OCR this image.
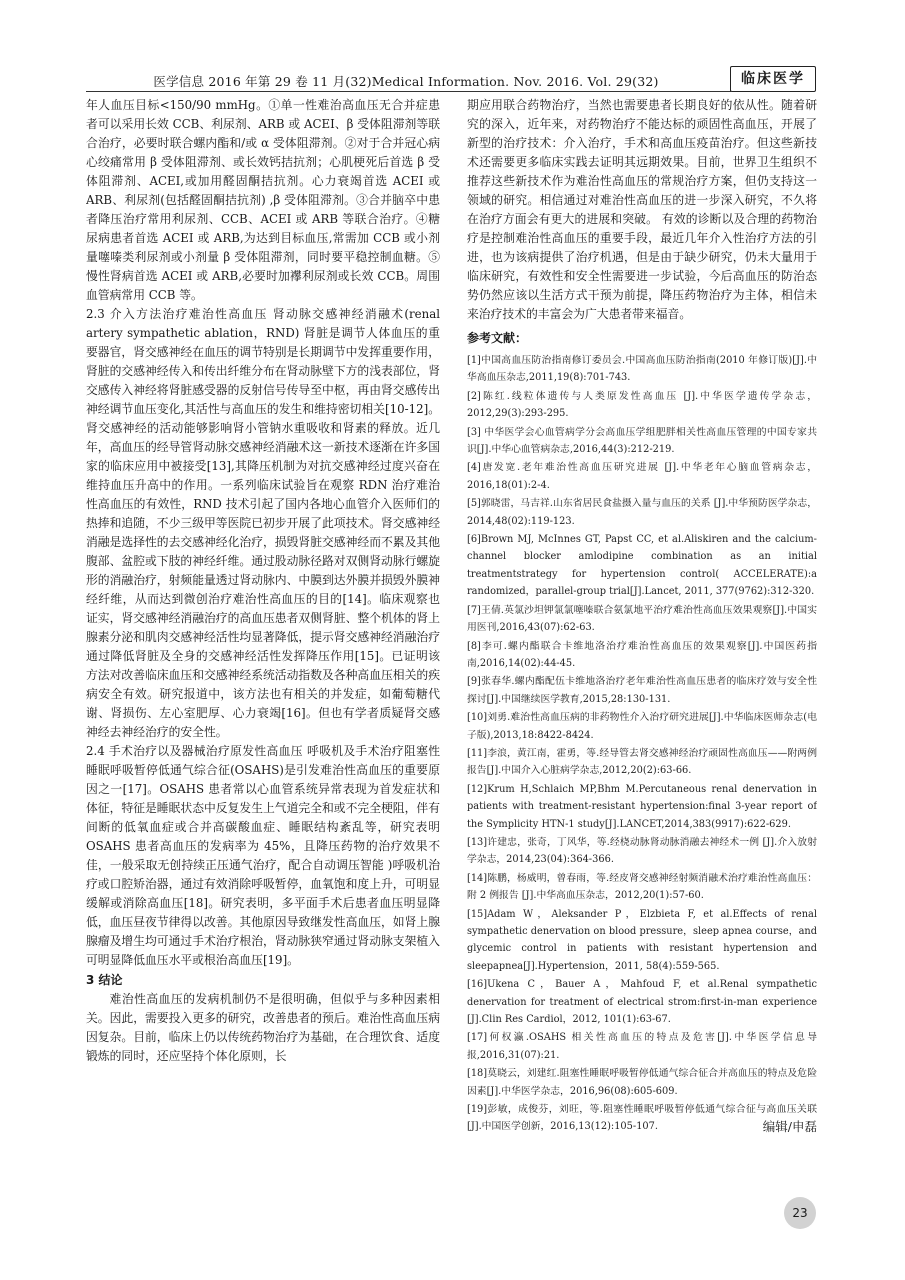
医学信息 2016 年第 29 卷 11 月(32)Medical Information. Nov. 2016. Vol. 29(32)	临床医学

年人血压目标<150/90 mmHg。①单一性难治高血压无合并症患者可以采用长效 CCB、利尿剂、ARB 或 ACEI、β 受体阻滞剂等联合治疗，必要时联合螺内酯和/或 α 受体阻滞剂。②对于合并冠心病心绞痛常用 β 受体阻滞剂、或长效钙拮抗剂；心肌梗死后首选 β 受体阻滞剂、ACEI,或加用醛固酮拮抗剂。心力衰竭首选 ACEI 或 ARB、利尿剂(包括醛固酮拮抗剂) ,β 受体阻滞剂。③合并脑卒中患者降压治疗常用利尿剂、CCB、ACEI 或 ARB 等联合治疗。④糖尿病患者首选 ACEI 或 ARB,为达到目标血压,常需加 CCB 或小剂量噻嗪类利尿剂或小剂量 β 受体阻滞剂，同时要平稳控制血糖。⑤慢性肾病首选 ACEI 或 ARB,必要时加襻利尿剂或长效 CCB。周围血管病常用 CCB 等。

2.3 介入方法治疗难治性高血压 肾动脉交感神经消融术(renal artery sympathetic ablation，RND) 肾脏是调节人体血压的重要器官，肾交感神经在血压的调节特别是长期调节中发挥重要作用，肾脏的交感神经传入和传出纤维分布在肾动脉壁下方的浅表部位，肾交感传入神经将肾脏感受器的反射信号传导至中枢，再由肾交感传出神经调节血压变化,其活性与高血压的发生和维持密切相关[10-12]。肾交感神经的活动能够影响肾小管钠水重吸收和肾素的释放。近几年，高血压的经导管肾动脉交感神经消融术这一新技术逐渐在许多国家的临床应用中被接受[13],其降压机制为对抗交感神经过度兴奋在维持血压升高中的作用。一系列临床试验旨在观察 RDN 治疗难治性高血压的有效性，RND 技术引起了国内各地心血管介入医师们的热捧和追随，不少三级甲等医院已初步开展了此项技术。肾交感神经消融是选择性的去交感神经化治疗，损毁肾脏交感神经而不累及其他腹部、盆腔或下肢的神经纤维。通过股动脉径路对双侧肾动脉行螺旋形的消融治疗，射频能量透过肾动脉内、中膜到达外膜并损毁外膜神经纤维，从而达到微创治疗难治性高血压的目的[14]。临床观察也证实，肾交感神经消融治疗的高血压患者双侧肾脏、整个机体的肾上腺素分泌和肌肉交感神经活性均显著降低，提示肾交感神经消融治疗通过降低肾脏及全身的交感神经活性发挥降压作用[15]。已证明该方法对改善临床血压和交感神经系统活动指数及各种高血压相关的疾病安全有效。研究报道中，该方法也有相关的并发症，如葡萄糖代谢、肾损伤、左心室肥厚、心力衰竭[16]。但也有学者质疑肾交感神经去神经治疗的安全性。

2.4 手术治疗以及器械治疗原发性高血压 呼吸机及手术治疗阻塞性睡眠呼吸暂停低通气综合征(OSAHS)是引发难治性高血压的重要原因之一[17]。OSAHS 患者常以心血管系统异常表现为首发症状和体征，特征是睡眠状态中反复发生上气道完全和或不完全梗阻，伴有间断的低氧血症或合并高碳酸血症、睡眠结构紊乱等，研究表明 OSAHS 患者高血压的发病率为 45%，且降压药物的治疗效果不佳，一般采取无创持续正压通气治疗，配合自动调压智能 )呼吸机治疗或口腔矫治器，通过有效消除呼吸暂停，血氧饱和度上升，可明显缓解或消除高血压[18]。研究表明，多平面手术后患者血压明显降低，血压昼夜节律得以改善。其他原因导致继发性高血压，如肾上腺腺瘤及增生均可通过手术治疗根治，肾动脉狭窄通过肾动脉支架植入可明显降低血压水平或根治高血压[19]。

3 结论

难治性高血压的发病机制仍不是很明确，但似乎与多种因素相关。因此，需要投入更多的研究，改善患者的预后。难治性高血压病因复杂。目前，临床上仍以传统药物治疗为基础，在合理饮食、适度锻炼的同时，还应坚持个体化原则，长

期应用联合药物治疗，当然也需要患者长期良好的依从性。随着研究的深入，近年来，对药物治疗不能达标的顽固性高血压，开展了新型的治疗技术：介入治疗，手术和高血压疫苗治疗。但这些新技术还需要更多临床实践去证明其远期效果。目前，世界卫生组织不推荐这些新技术作为难治性高血压的常规治疗方案，但仍支持这一领域的研究。相信通过对难治性高血压的进一步深入研究，不久将在治疗方面会有更大的进展和突破。 有效的诊断以及合理的药物治疗是控制难治性高血压的重要手段，最近几年介入性治疗方法的引进，也为该病提供了治疗机遇，但是由于缺少研究，仍未大量用于临床研究，有效性和安全性需要进一步试验，今后高血压的防治态势仍然应该以生活方式干预为前提，降压药物治疗为主体，相信未来治疗技术的丰富会为广大患者带来福音。

参考文献：

[1]中国高血压防治指南修订委员会.中国高血压防治指南(2010 年修订版)[J].中华高血压杂志,2011,19(8):701-743.

[2]陈红.线粒体遗传与人类原发性高血压 [J].中华医学遗传学杂志，2012,29(3):293-295.

[3] 中华医学会心血管病学分会高血压学组肥胖相关性高血压管理的中国专家共识[J].中华心血管病杂志,2016,44(3):212-219.

[4]唐发宽.老年难治性高血压研究进展 [J].中华老年心脑血管病杂志，2016,18(01):2-4.

[5]郭晓雷，马吉祥.山东省居民食盐摄入量与血压的关系 [J].中华预防医学杂志，2014,48(02):119-123.

[6]Brown MJ, McInnes GT, Papst CC, et al.Aliskiren and the calcium-channel blocker amlodipine combination as an initial treatmentstrategy for hypertension control( ACCELERATE):a randomized，parallel-group trial[J].Lancet, 2011, 377(9762):312-320.

[7]王倩.英氯沙坦钾氯氯噻嗪联合氨氯地平治疗难治性高血压效果观察[J].中国实用医刊,2016,43(07):62-63.

[8]李可.螺内酯联合卡维地洛治疗难治性高血压的效果观察[J].中国医药指南,2016,14(02):44-45.

[9]张春华.螺内酯配伍卡维地洛治疗老年难治性高血压患者的临床疗效与安全性探讨[J].中国继续医学教育,2015,28:130-131.

[10]刘勇.难治性高血压病的非药物性介入治疗研究进展[J].中华临床医师杂志(电子版),2013,18:8422-8424.

[11]李浪，黄江南，霍勇，等.经导管去肾交感神经治疗顽固性高血压——附两例报告[J].中国介入心脏病学杂志,2012,20(2):63-66.

[12]Krum H,Schlaich MP,Bhm M.Percutaneous renal denervation in patients with treatment-resistant hypertension:final 3-year report of the Symplicity HTN-1 study[J].LANCET,2014,383(9917):622-629.

[13]许建忠，张奇，丁风华，等.经桡动脉肾动脉消融去神经术一例 [J].介入放射学杂志，2014,23(04):364-366.

[14]陈鹏，杨威明，曾春雨，等.经皮肾交感神经射频消融术治疗难治性高血压：附 2 例报告 [J].中华高血压杂志，2012,20(1):57-60.

[15]Adam W，Aleksander P，Elzbieta F, et al.Effects of renal sympathetic denervation on blood pressure，sleep apnea course，and glycemic control in patients with resistant hypertension and sleepapnea[J].Hypertension，2011, 58(4):559-565.

[16]Ukena C，Bauer A，Mahfoud F, et al.Renal sympathetic denervation for treatment of electrical strom:first-in-man experience [J].Clin Res Cardiol，2012, 101(1):63-67.

[17]何权瀛.OSAHS 相关性高血压的特点及危害[J].中华医学信息导报,2016,31(07):21.

[18]莫晓云，刘建红.阻塞性睡眠呼吸暂停低通气综合征合并高血压的特点及危险因素[J].中华医学杂志，2016,96(08):605-609.

[19]彭敏，成俊芬，刘旺，等.阻塞性睡眠呼吸暂停低通气综合征与高血压关联[J].中国医学创新，2016,13(12):105-107.	编辑/申磊

23
